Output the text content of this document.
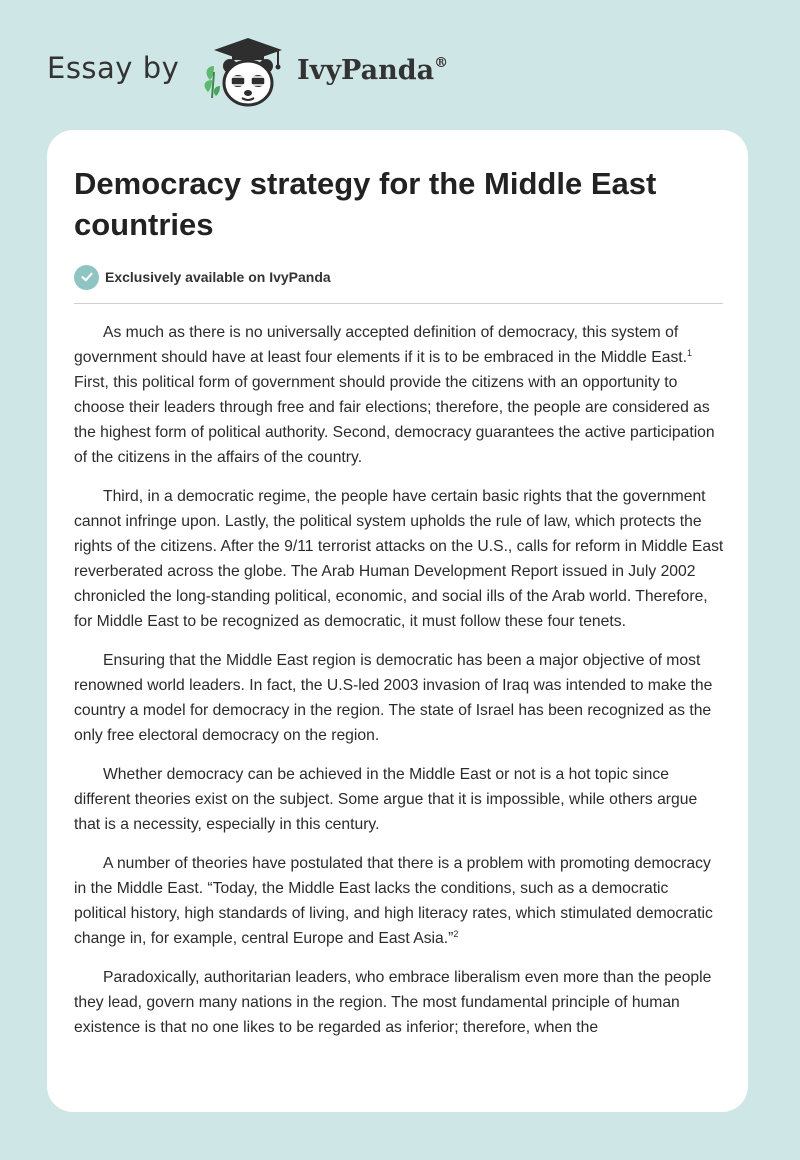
Essay by	IvyPanda®
Democracy strategy for the Middle East countries
Exclusively available on IvyPanda

As much as there is no universally accepted definition of democracy, this system of government should have at least four elements if it is to be embraced in the Middle East.$^1$ First, this political form of government should provide the citizens with an opportunity to choose their leaders through free and fair elections; therefore, the people are considered as the highest form of political authority. Second, democracy guarantees the active participation of the citizens in the affairs of the country.

Third, in a democratic regime, the people have certain basic rights that the government cannot infringe upon. Lastly, the political system upholds the rule of law, which protects the rights of the citizens. After the 9/11 terrorist attacks on the U.S., calls for reform in Middle East reverberated across the globe. The Arab Human Development Report issued in July 2002 chronicled the long-standing political, economic, and social ills of the Arab world. Therefore, for Middle East to be recognized as democratic, it must follow these four tenets.

Ensuring that the Middle East region is democratic has been a major objective of most renowned world leaders. In fact, the U.S-led 2003 invasion of Iraq was intended to make the country a model for democracy in the region. The state of Israel has been recognized as the only free electoral democracy on the region.

Whether democracy can be achieved in the Middle East or not is a hot topic since different theories exist on the subject. Some argue that it is impossible, while others argue that is a necessity, especially in this century.

A number of theories have postulated that there is a problem with promoting democracy in the Middle East. “Today, the Middle East lacks the conditions, such as a democratic political history, high standards of living, and high literacy rates, which stimulated democratic change in, for example, central Europe and East Asia.”$^2$

Paradoxically, authoritarian leaders, who embrace liberalism even more than the people they lead, govern many nations in the region. The most fundamental principle of human existence is that no one likes to be regarded as inferior; therefore, when the
